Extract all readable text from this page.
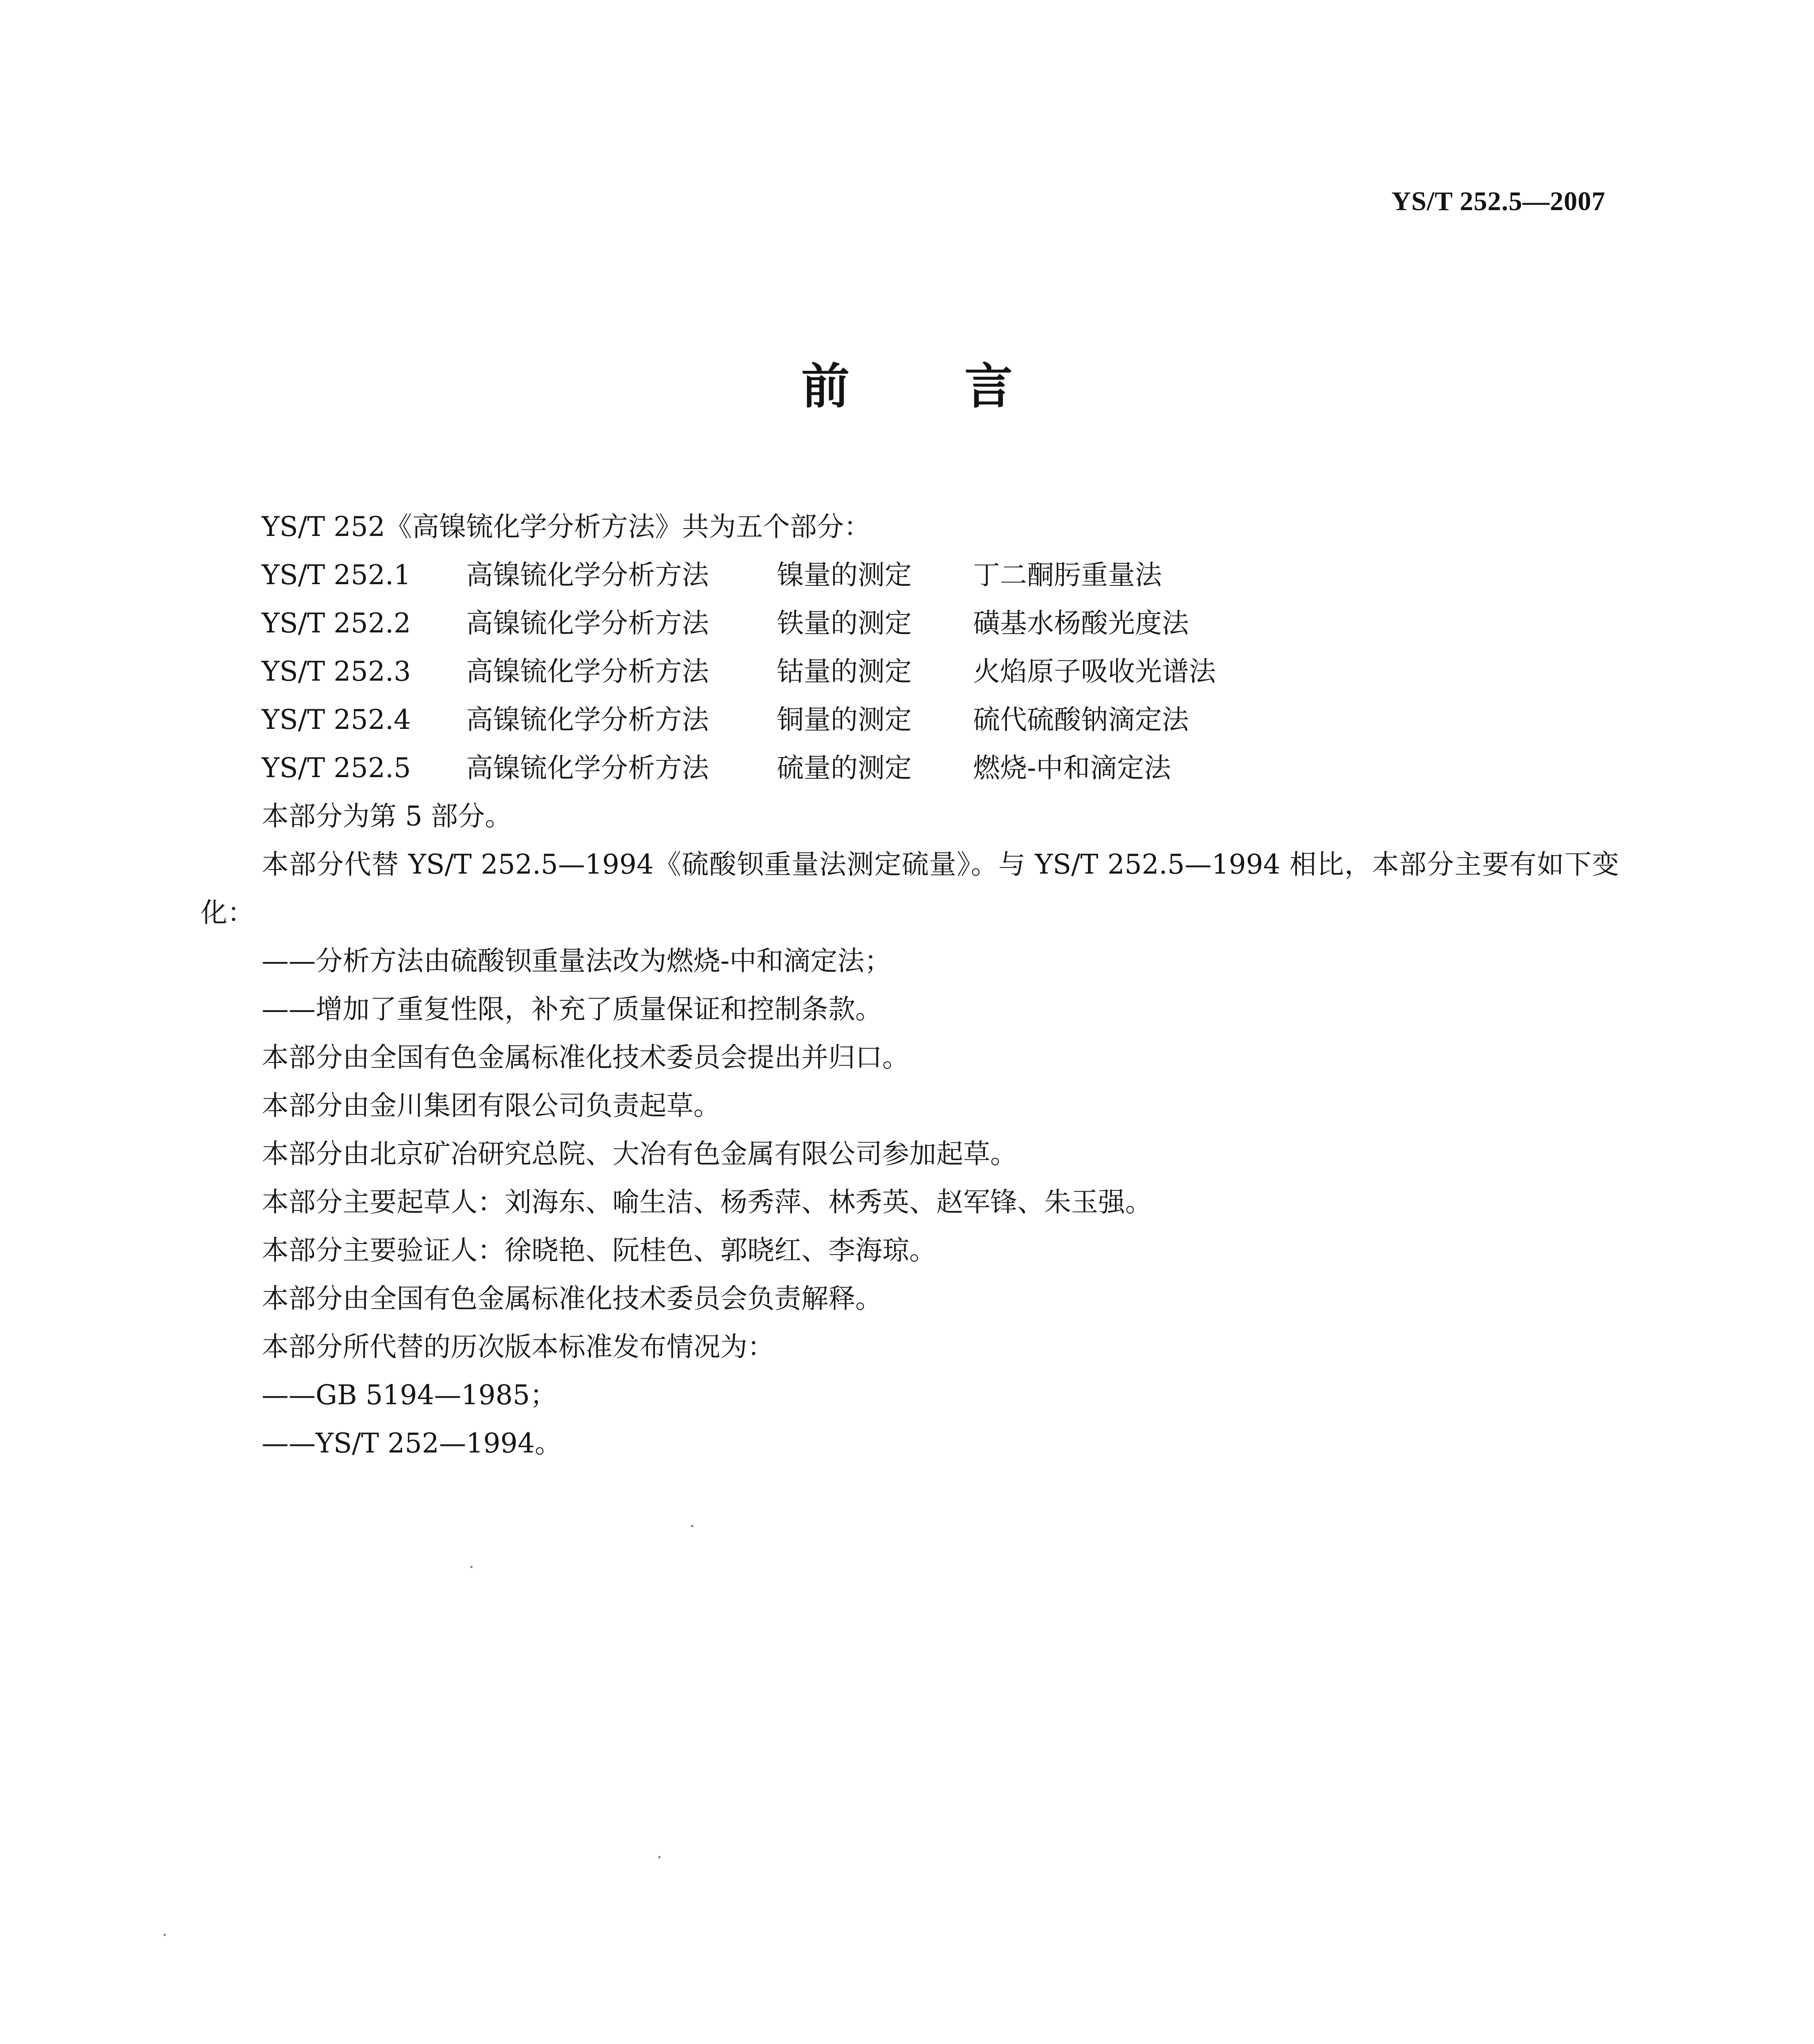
YS/T 252.5—2007
前 言

YS/T 252《高镍锍化学分析方法》共为五个部分：

YS/T 252.1	高镍锍化学分析方法	镍量的测定	丁二酮肟重量法
YS/T 252.2	高镍锍化学分析方法	铁量的测定	磺基水杨酸光度法
YS/T 252.3	高镍锍化学分析方法	钴量的测定	火焰原子吸收光谱法
YS/T 252.4	高镍锍化学分析方法	铜量的测定	硫代硫酸钠滴定法
YS/T 252.5	高镍锍化学分析方法	硫量的测定	燃烧-中和滴定法

本部分为第 5 部分。

本部分代替 YS/T 252.5—1994《硫酸钡重量法测定硫量》。与 YS/T 252.5—1994 相比，本部分主要有如下变化：

——分析方法由硫酸钡重量法改为燃烧-中和滴定法；

——增加了重复性限，补充了质量保证和控制条款。

本部分由全国有色金属标准化技术委员会提出并归口。

本部分由金川集团有限公司负责起草。

本部分由北京矿冶研究总院、大冶有色金属有限公司参加起草。

本部分主要起草人：刘海东、喻生洁、杨秀萍、林秀英、赵军锋、朱玉强。

本部分主要验证人：徐晓艳、阮桂色、郭晓红、李海琼。

本部分由全国有色金属标准化技术委员会负责解释。

本部分所代替的历次版本标准发布情况为：

——GB 5194—1985；

——YS/T 252—1994。
